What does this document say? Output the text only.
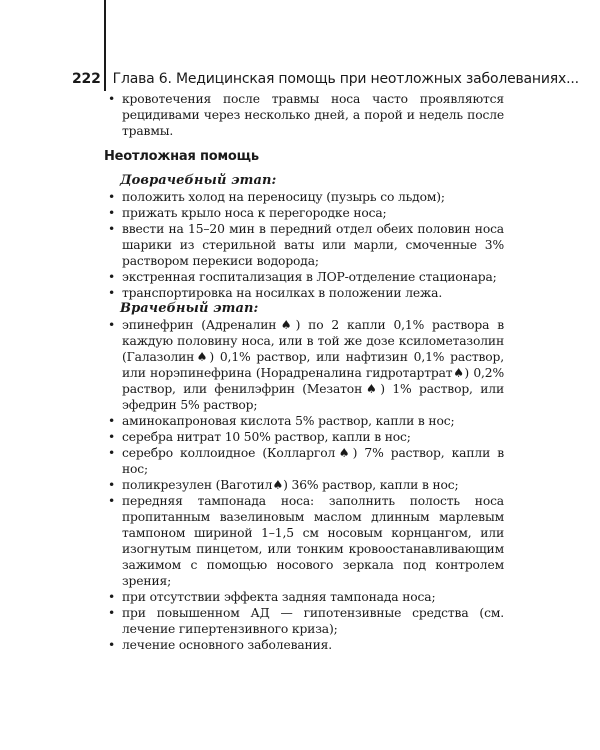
222 Глава 6. Медицинская помощь при неотложных заболеваниях...
• кровотечения после травмы носа часто проявляются рецидивами через несколько дней, а порой и недель после травмы.
Неотложная помощь
Доврачебный этап:
• положить холод на переносицу (пузырь со льдом);
• прижать крыло носа к перегородке носа;
• ввести на 15–20 мин в передний отдел обеих половин носа шарики из стерильной ваты или марли, смоченные 3% раствором перекиси водорода;
• экстренная госпитализация в ЛОР-отделение стационара;
• транспортировка на носилках в положении лежа.
Врачебный этап:
• эпинефрин (Адреналин♠) по 2 капли 0,1% раствора в каждую половину носа, или в той же дозе ксилометазолин (Галазолин♠) 0,1% раствор, или нафтизин 0,1% раствор, или норэпинефрина (Норадреналина гидротартрат♠) 0,2% раствор, или фенилэфрин (Мезатон♠) 1% раствор, или эфедрин 5% раствор;
• аминокапроновая кислота 5% раствор, капли в нос;
• серебра нитрат 10 50% раствор, капли в нос;
• серебро коллоидное (Колларгол♠) 7% раствор, капли в нос;
• поликрезулен (Ваготил♠) 36% раствор, капли в нос;
• передняя тампонада носа: заполнить полость носа пропитанным вазелиновым маслом длинным марлевым тампоном шириной 1–1,5 см носовым корнцангом, или изогнутым пинцетом, или тонким кровоостанавливающим зажимом с помощью носового зеркала под контролем зрения;
• при отсутствии эффекта задняя тампонада носа;
• при повышенном АД — гипотензивные средства (см. лечение гипертензивного криза);
• лечение основного заболевания.
